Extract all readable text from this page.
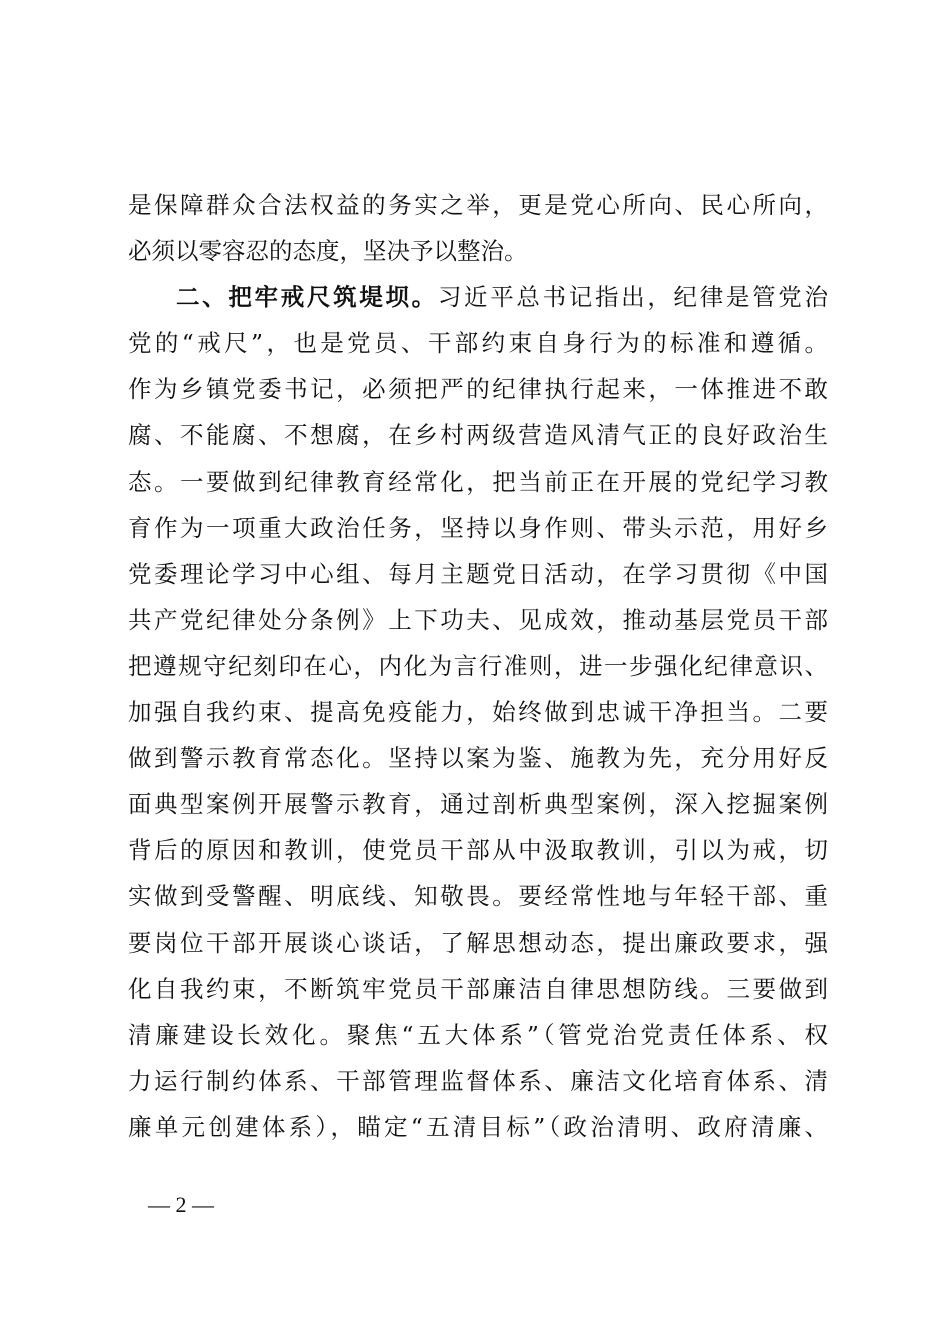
是保障群众合法权益的务实之举，更是党心所向、民心所向，
必须以零容忍的态度，坚决予以整治。
二、把牢戒尺筑堤坝。习近平总书记指出，纪律是管党治
党的“戒尺”，也是党员、干部约束自身行为的标准和遵循。
作为乡镇党委书记，必须把严的纪律执行起来，一体推进不敢
腐、不能腐、不想腐，在乡村两级营造风清气正的良好政治生
态。一要做到纪律教育经常化，把当前正在开展的党纪学习教
育作为一项重大政治任务，坚持以身作则、带头示范，用好乡
党委理论学习中心组、每月主题党日活动，在学习贯彻《中国
共产党纪律处分条例》上下功夫、见成效，推动基层党员干部
把遵规守纪刻印在心，内化为言行准则，进一步强化纪律意识、
加强自我约束、提高免疫能力，始终做到忠诚干净担当。二要
做到警示教育常态化。坚持以案为鉴、施教为先，充分用好反
面典型案例开展警示教育，通过剖析典型案例，深入挖掘案例
背后的原因和教训，使党员干部从中汲取教训，引以为戒，切
实做到受警醒、明底线、知敬畏。要经常性地与年轻干部、重
要岗位干部开展谈心谈话，了解思想动态，提出廉政要求，强
化自我约束，不断筑牢党员干部廉洁自律思想防线。三要做到
清廉建设长效化。聚焦“五大体系”（管党治党责任体系、权
力运行制约体系、干部管理监督体系、廉洁文化培育体系、清
廉单元创建体系），瞄定“五清目标”（政治清明、政府清廉、
— 2 —
